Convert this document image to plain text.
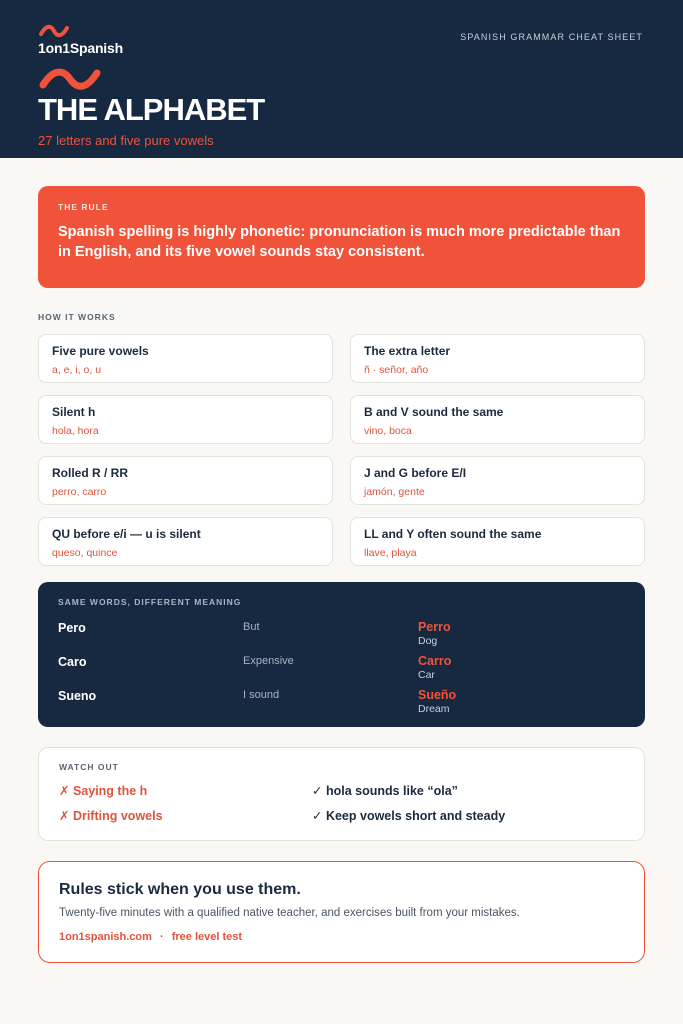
1on1Spanish
SPANISH GRAMMAR CHEAT SHEET
THE ALPHABET
27 letters and five pure vowels
THE RULE
Spanish spelling is highly phonetic: pronunciation is much more predictable than in English, and its five vowel sounds stay consistent.
HOW IT WORKS
Five pure vowels
a, e, i, o, u
The extra letter
ñ · señor, año
Silent h
hola, hora
B and V sound the same
vino, boca
Rolled R / RR
perro, carro
J and G before E/I
jamón, gente
QU before e/i — u is silent
queso, quince
LL and Y often sound the same
llave, playa
SAME WORDS, DIFFERENT MEANING
Pero	But	Perro
Dog
Caro	Expensive	Carro
Car
Sueno	I sound	Sueño
Dream
WATCH OUT
✗ Saying the h	✓ hola sounds like “ola”
✗ Drifting vowels	✓ Keep vowels short and steady
Rules stick when you use them.
Twenty-five minutes with a qualified native teacher, and exercises built from your mistakes.
1on1spanish.com · free level test
